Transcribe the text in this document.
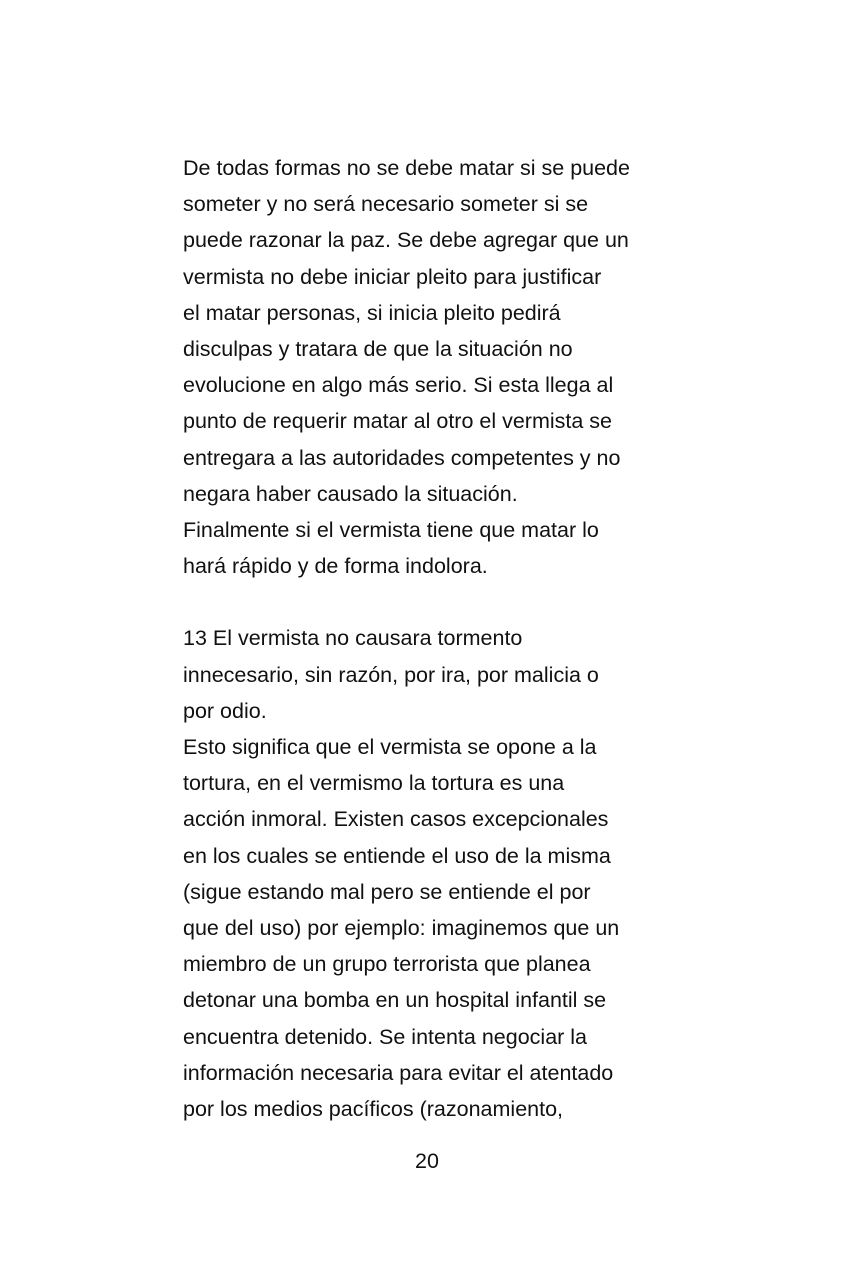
De todas formas no se debe matar si se puede
someter y no será necesario someter si se
puede razonar la paz. Se debe agregar que un
vermista no debe iniciar pleito para justificar
el matar personas, si inicia pleito pedirá
disculpas y tratara de que la situación no
evolucione en algo más serio. Si esta llega al
punto de requerir matar al otro el vermista se
entregara a las autoridades competentes y no
negara haber causado la situación.
Finalmente si el vermista tiene que matar lo
hará rápido y de forma indolora.
13 El vermista no causara tormento
innecesario, sin razón, por ira, por malicia o
por odio.
Esto significa que el vermista se opone a la
tortura, en el vermismo la tortura es una
acción inmoral. Existen casos excepcionales
en los cuales se entiende el uso de la misma
(sigue estando mal pero se entiende el por
que del uso) por ejemplo: imaginemos que un
miembro de un grupo terrorista que planea
detonar una bomba en un hospital infantil se
encuentra detenido. Se intenta negociar la
información necesaria para evitar el atentado
por los medios pacíficos (razonamiento,
20
